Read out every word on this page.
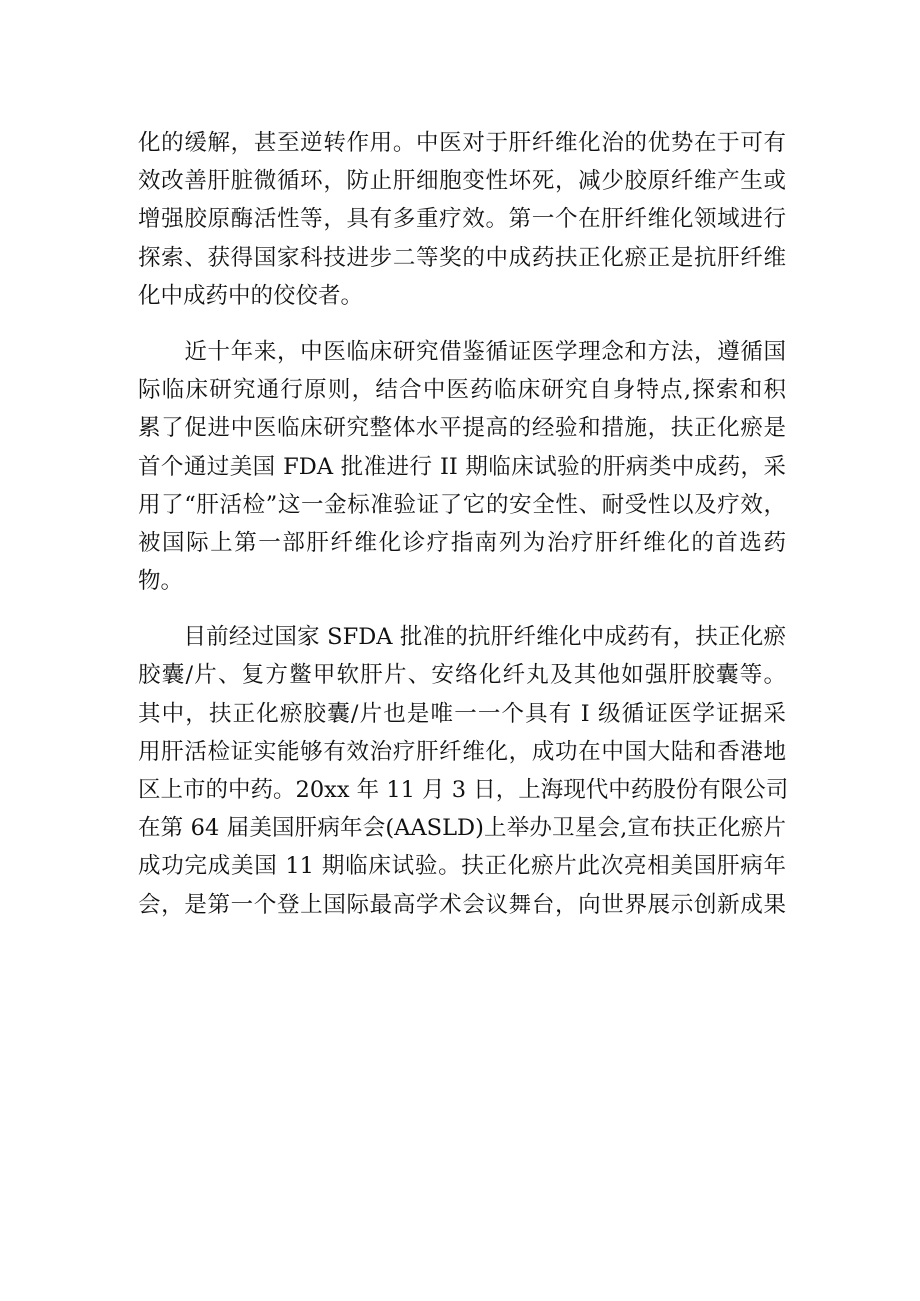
化的缓解，甚至逆转作用。中医对于肝纤维化治的优势在于可有
效改善肝脏微循环，防止肝细胞变性坏死，减少胶原纤维产生或
增强胶原酶活性等，具有多重疗效。第一个在肝纤维化领域进行
探索、获得国家科技进步二等奖的中成药扶正化瘀正是抗肝纤维
化中成药中的佼佼者。
　　近十年来，中医临床研究借鉴循证医学理念和方法，遵循国
际临床研究通行原则，结合中医药临床研究自身特点,探索和积
累了促进中医临床研究整体水平提高的经验和措施，扶正化瘀是
首个通过美国 FDA 批准进行 II 期临床试验的肝病类中成药，采
用了“肝活检”这一金标准验证了它的安全性、耐受性以及疗效，
被国际上第一部肝纤维化诊疗指南列为治疗肝纤维化的首选药
物。
　　目前经过国家 SFDA 批准的抗肝纤维化中成药有，扶正化瘀
胶囊/片、复方鳖甲软肝片、安络化纤丸及其他如强肝胶囊等。
其中，扶正化瘀胶囊/片也是唯一一个具有 I 级循证医学证据采
用肝活检证实能够有效治疗肝纤维化，成功在中国大陆和香港地
区上市的中药。20xx 年 11 月 3 日，上海现代中药股份有限公司
在第 64 届美国肝病年会(AASLD)上举办卫星会,宣布扶正化瘀片
成功完成美国 11 期临床试验。扶正化瘀片此次亮相美国肝病年
会，是第一个登上国际最高学术会议舞台，向世界展示创新成果
